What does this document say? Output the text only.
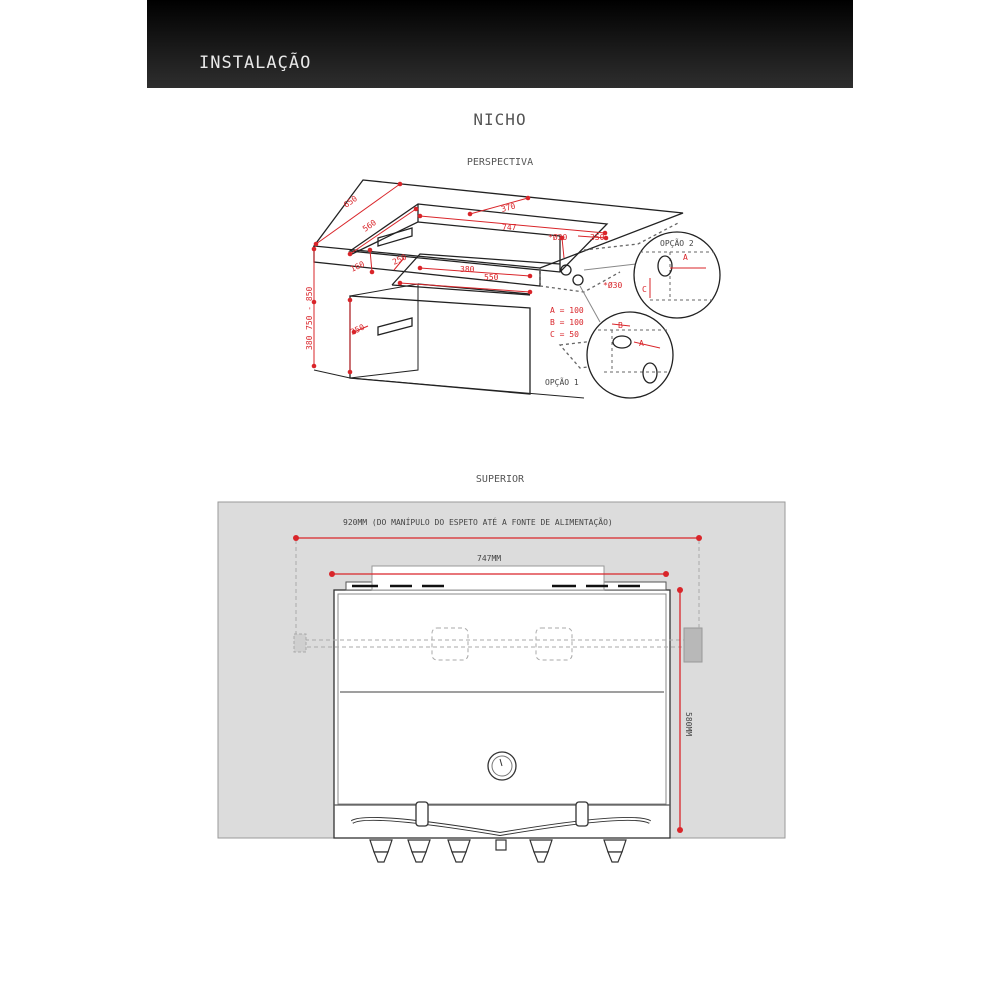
INSTALAÇÃO
NICHO
PERSPECTIVA
SUPERIOR
OPÇÃO 2
A
C
B
A
OPÇÃO 1
A = 100
B = 100
C = 50
650
560
370
747
*Ø30	350
*Ø30
160	250
380
550
250
750 - 850
380
920MM (DO MANÍPULO DO ESPETO ATÉ A FONTE DE ALIMENTAÇÃO)
747MM
580MM
